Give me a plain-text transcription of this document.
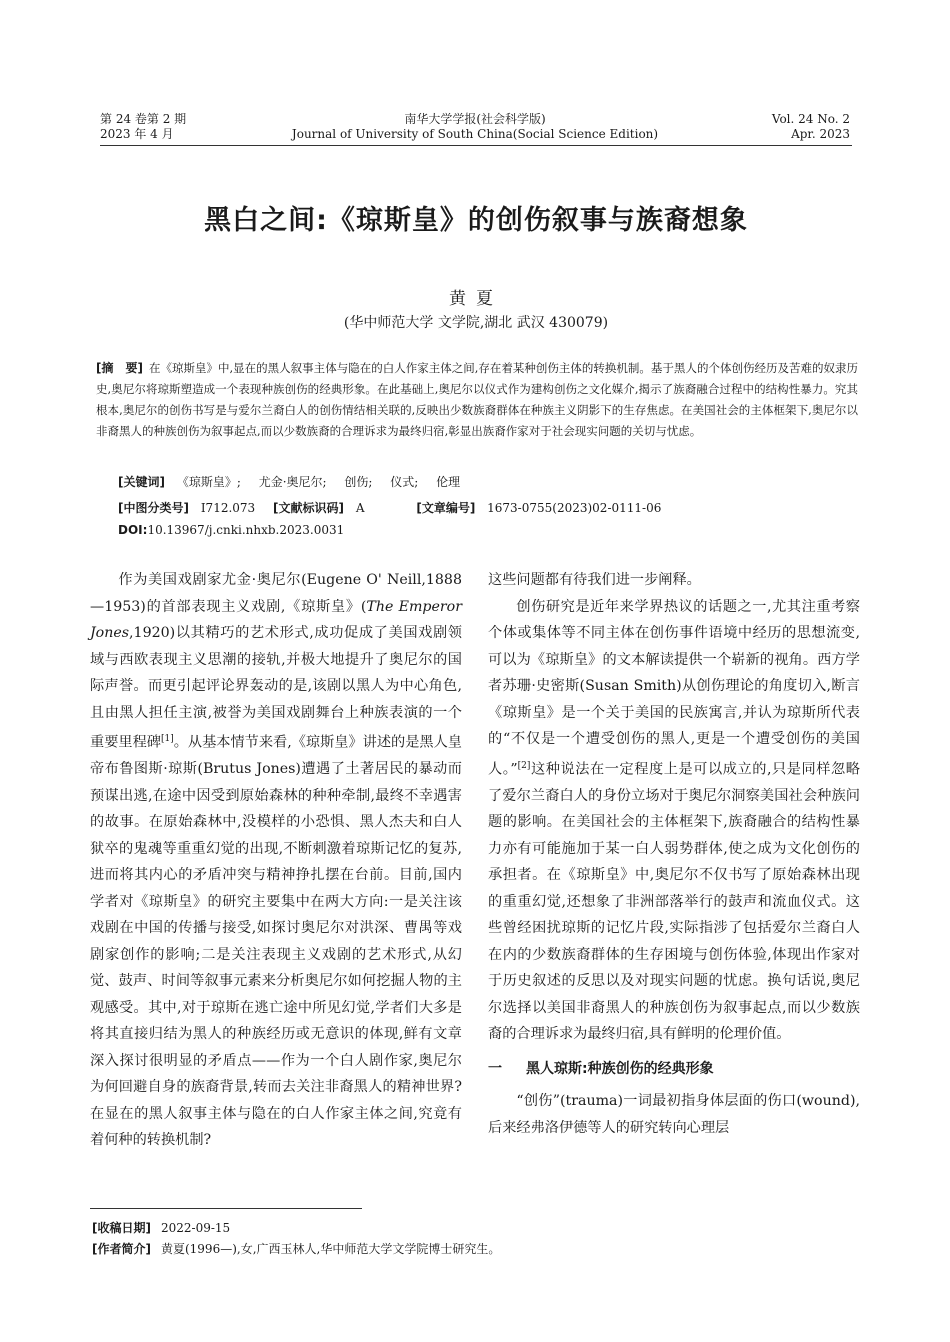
第 24 卷第 2 期
2023 年 4 月
南华大学学报(社会科学版)
Journal of University of South China(Social Science Edition)
Vol. 24 No. 2
Apr. 2023
黑白之间:《琼斯皇》的创伤叙事与族裔想象
黄夏
(华中师范大学 文学院,湖北 武汉 430079)
[摘　要] 在《琼斯皇》中,显在的黑人叙事主体与隐在的白人作家主体之间,存在着某种创伤主体的转换机制。基于黑人的个体创伤经历及苦难的奴隶历史,奥尼尔将琼斯塑造成一个表现种族创伤的经典形象。在此基础上,奥尼尔以仪式作为建构创伤之文化媒介,揭示了族裔融合过程中的结构性暴力。究其根本,奥尼尔的创伤书写是与爱尔兰裔白人的创伤情结相关联的,反映出少数族裔群体在种族主义阴影下的生存焦虑。在美国社会的主体框架下,奥尼尔以非裔黑人的种族创伤为叙事起点,而以少数族裔的合理诉求为最终归宿,彰显出族裔作家对于社会现实问题的关切与忧虑。
[关键词] 《琼斯皇》; 尤金·奥尼尔; 创伤; 仪式; 伦理
[中图分类号] I712.073 [文献标识码] A	[文章编号] 1673-0755(2023)02-0111-06
DOI:10.13967/j.cnki.nhxb.2023.0031

作为美国戏剧家尤金·奥尼尔(Eugene O' Neill,1888—1953)的首部表现主义戏剧,《琼斯皇》(The Emperor Jones,1920)以其精巧的艺术形式,成功促成了美国戏剧领域与西欧表现主义思潮的接轨,并极大地提升了奥尼尔的国际声誉。而更引起评论界轰动的是,该剧以黑人为中心角色,且由黑人担任主演,被誉为美国戏剧舞台上种族表演的一个重要里程碑[1]。从基本情节来看,《琼斯皇》讲述的是黑人皇帝布鲁图斯·琼斯(Brutus Jones)遭遇了土著居民的暴动而预谋出逃,在途中因受到原始森林的种种牵制,最终不幸遇害的故事。在原始森林中,没模样的小恐惧、黑人杰夫和白人狱卒的鬼魂等重重幻觉的出现,不断刺激着琼斯记忆的复苏,进而将其内心的矛盾冲突与精神挣扎摆在台前。目前,国内学者对《琼斯皇》的研究主要集中在两大方向:一是关注该戏剧在中国的传播与接受,如探讨奥尼尔对洪深、曹禺等戏剧家创作的影响;二是关注表现主义戏剧的艺术形式,从幻觉、鼓声、时间等叙事元素来分析奥尼尔如何挖掘人物的主观感受。其中,对于琼斯在逃亡途中所见幻觉,学者们大多是将其直接归结为黑人的种族经历或无意识的体现,鲜有文章深入探讨很明显的矛盾点——作为一个白人剧作家,奥尼尔为何回避自身的族裔背景,转而去关注非裔黑人的精神世界?在显在的黑人叙事主体与隐在的白人作家主体之间,究竟有着何种的转换机制?

这些问题都有待我们进一步阐释。

创伤研究是近年来学界热议的话题之一,尤其注重考察个体或集体等不同主体在创伤事件语境中经历的思想流变,可以为《琼斯皇》的文本解读提供一个崭新的视角。西方学者苏珊·史密斯(Susan Smith)从创伤理论的角度切入,断言《琼斯皇》是一个关于美国的民族寓言,并认为琼斯所代表的“不仅是一个遭受创伤的黑人,更是一个遭受创伤的美国人。”[2]这种说法在一定程度上是可以成立的,只是同样忽略了爱尔兰裔白人的身份立场对于奥尼尔洞察美国社会种族问题的影响。在美国社会的主体框架下,族裔融合的结构性暴力亦有可能施加于某一白人弱势群体,使之成为文化创伤的承担者。在《琼斯皇》中,奥尼尔不仅书写了原始森林出现的重重幻觉,还想象了非洲部落举行的鼓声和流血仪式。这些曾经困扰琼斯的记忆片段,实际指涉了包括爱尔兰裔白人在内的少数族裔群体的生存困境与创伤体验,体现出作家对于历史叙述的反思以及对现实问题的忧虑。换句话说,奥尼尔选择以美国非裔黑人的种族创伤为叙事起点,而以少数族裔的合理诉求为最终归宿,具有鲜明的伦理价值。

一 黑人琼斯:种族创伤的经典形象

“创伤”(trauma)一词最初指身体层面的伤口(wound),后来经弗洛伊德等人的研究转向心理层

[收稿日期] 2022-09-15
[作者简介] 黄夏(1996—),女,广西玉林人,华中师范大学文学院博士研究生。
